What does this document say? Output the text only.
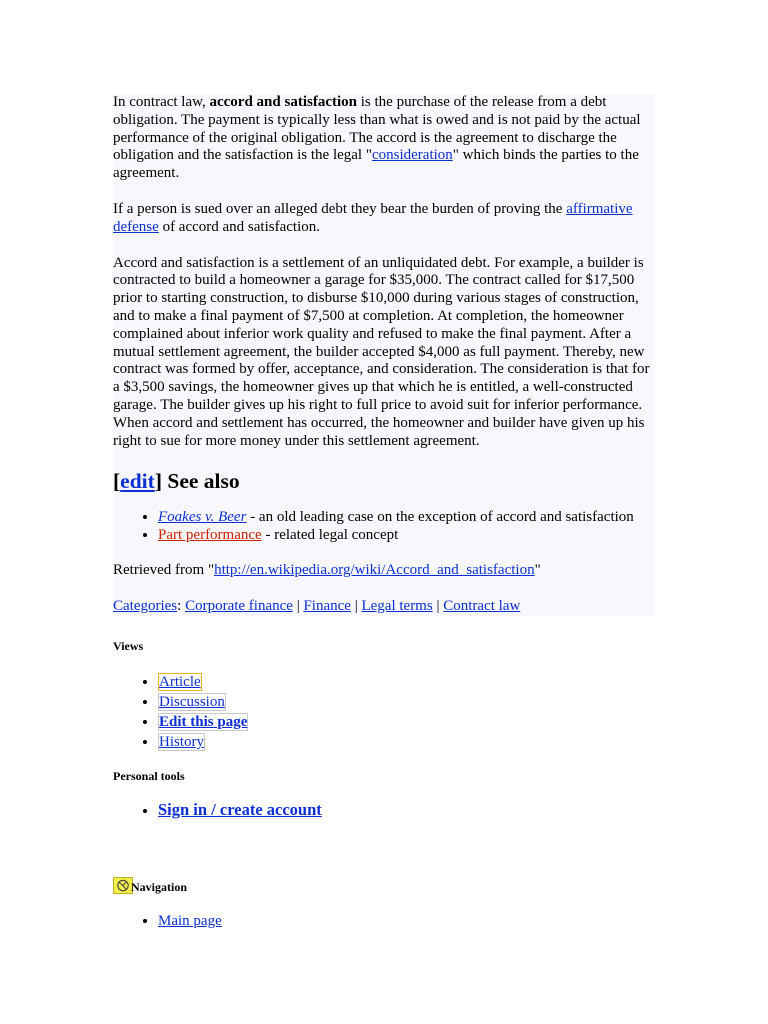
In contract law, accord and satisfaction is the purchase of the release from a debt obligation. The payment is typically less than what is owed and is not paid by the actual performance of the original obligation. The accord is the agreement to discharge the obligation and the satisfaction is the legal "consideration" which binds the parties to the agreement.

If a person is sued over an alleged debt they bear the burden of proving the affirmative defense of accord and satisfaction.

Accord and satisfaction is a settlement of an unliquidated debt. For example, a builder is contracted to build a homeowner a garage for $35,000. The contract called for $17,500 prior to starting construction, to disburse $10,000 during various stages of construction, and to make a final payment of $7,500 at completion. At completion, the homeowner complained about inferior work quality and refused to make the final payment. After a mutual settlement agreement, the builder accepted $4,000 as full payment. Thereby, new contract was formed by offer, acceptance, and consideration. The consideration is that for a $3,500 savings, the homeowner gives up that which he is entitled, a well-constructed garage. The builder gives up his right to full price to avoid suit for inferior performance. When accord and settlement has occurred, the homeowner and builder have given up his right to sue for more money under this settlement agreement.

[edit] See also
• Foakes v. Beer - an old leading case on the exception of accord and satisfaction
• Part performance - related legal concept

Retrieved from "http://en.wikipedia.org/wiki/Accord_and_satisfaction"

Categories: Corporate finance | Finance | Legal terms | Contract law

Views
• Article
• Discussion
• Edit this page
• History
Personal tools
• Sign in / create account
Navigation
• Main page
